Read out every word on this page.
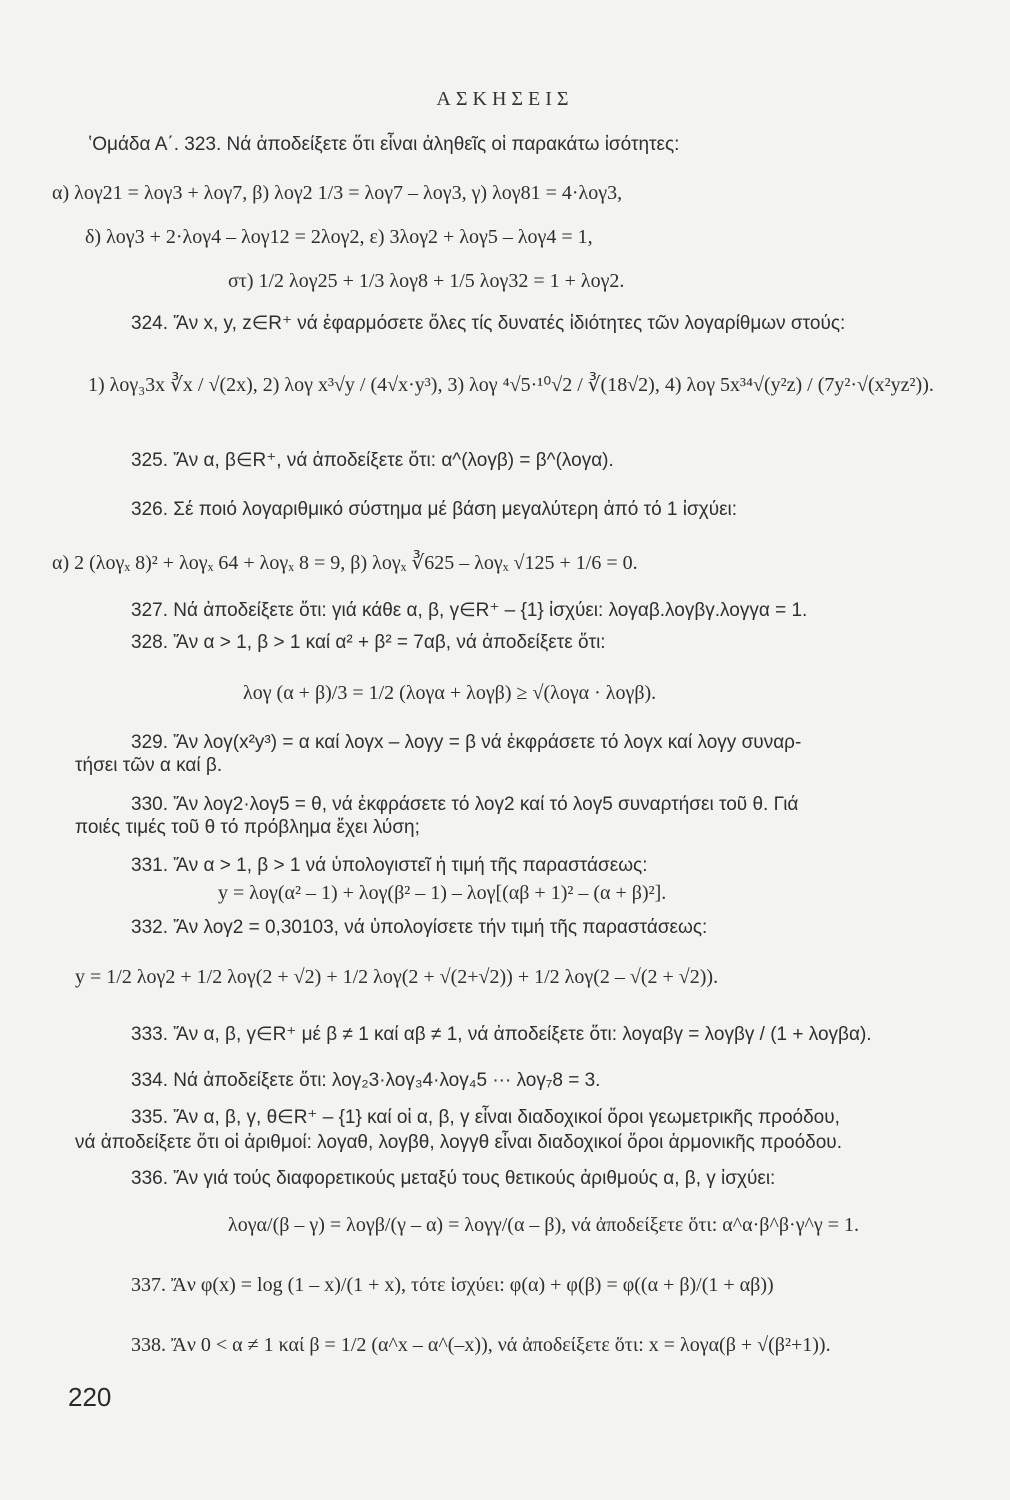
ΑΣΚΗΣΕΙΣ
ʽΟμάδα Α΄. 323. Νά ἀποδείξετε ὅτι εἶναι ἀληθεῖς οἱ παρακάτω ἰσότητες:
α) λογ21 = λογ3 + λογ7, β) λογ2 1/3 = λογ7 – λογ3, γ) λογ81 = 4·λογ3,
δ) λογ3 + 2·λογ4 – λογ12 = 2λογ2, ε) 3λογ2 + λογ5 – λογ4 = 1,
στ) 1/2 λογ25 + 1/3 λογ8 + 1/5 λογ32 = 1 + λογ2.
324. Ἄν x, y, z∈R⁺ νά ἐφαρμόσετε ὅλες τίς δυνατές ἰδιότητες τῶν λογαρίθμων στούς:
1) λογ₃3x ∛x / √(2x), 2) λογ x³√y / (4√x·y³), 3) λογ ⁴√5·¹⁰√2 / ∛(18√2), 4) λογ 5x³⁴√(y²z) / (7y²·√(x²yz²)).
325. Ἄν α, β∈R⁺, νά ἀποδείξετε ὅτι: α^(λογβ) = β^(λογα).
326. Σέ ποιό λογαριθμικό σύστημα μέ βάση μεγαλύτερη ἀπό τό 1 ἰσχύει:
α) 2 (λογₓ 8)² + λογₓ 64 + λογₓ 8 = 9, β) λογₓ ∛625 – λογₓ √125 + 1/6 = 0.
327. Νά ἀποδείξετε ὅτι: γιά κάθε α, β, γ∈R⁺ – {1} ἰσχύει: λογαβ.λογβγ.λογγα = 1.
328. Ἄν α > 1, β > 1 καί α² + β² = 7αβ, νά ἀποδείξετε ὅτι:
λογ (α + β)/3 = 1/2 (λογα + λογβ) ≥ √(λογα · λογβ).
329. Ἄν λογ(x²y³) = α καί λογx – λογy = β νά ἐκφράσετε τό λογx καί λογy συναρ-
τήσει τῶν α καί β.
330. Ἄν λογ2·λογ5 = θ, νά ἐκφράσετε τό λογ2 καί τό λογ5 συναρτήσει τοῦ θ. Γιά
ποιές τιμές τοῦ θ τό πρόβλημα ἔχει λύση;
331. Ἄν α > 1, β > 1 νά ὑπολογιστεῖ ἡ τιμή τῆς παραστάσεως:
y = λογ(α² – 1) + λογ(β² – 1) – λογ[(αβ + 1)² – (α + β)²].
332. Ἄν λογ2 = 0,30103, νά ὑπολογίσετε τήν τιμή τῆς παραστάσεως:
y = 1/2 λογ2 + 1/2 λογ(2 + √2) + 1/2 λογ(2 + √(2+√2)) + 1/2 λογ(2 – √(2 + √2)).
333. Ἄν α, β, γ∈R⁺ μέ β ≠ 1 καί αβ ≠ 1, νά ἀποδείξετε ὅτι: λογαβγ = λογβγ / (1 + λογβα).
334. Νά ἀποδείξετε ὅτι: λογ₂3·λογ₃4·λογ₄5 ··· λογ₇8 = 3.
335. Ἄν α, β, γ, θ∈R⁺ – {1} καί οἱ α, β, γ εἶναι διαδοχικοί ὅροι γεωμετρικῆς προόδου,
νά ἀποδείξετε ὅτι οἱ ἀριθμοί: λογαθ, λογβθ, λογγθ εἶναι διαδοχικοί ὅροι ἁρμονικῆς προόδου.
336. Ἄν γιά τούς διαφορετικούς μεταξύ τους θετικούς ἀριθμούς α, β, γ ἰσχύει:
λογα/(β – γ) = λογβ/(γ – α) = λογγ/(α – β), νά ἀποδείξετε ὅτι: α^α·β^β·γ^γ = 1.
337. Ἄν φ(x) = log (1 – x)/(1 + x), τότε ἰσχύει: φ(α) + φ(β) = φ((α + β)/(1 + αβ))
338. Ἄν 0 < α ≠ 1 καί β = 1/2 (α^x – α^(–x)), νά ἀποδείξετε ὅτι: x = λογα(β + √(β²+1)).
220
